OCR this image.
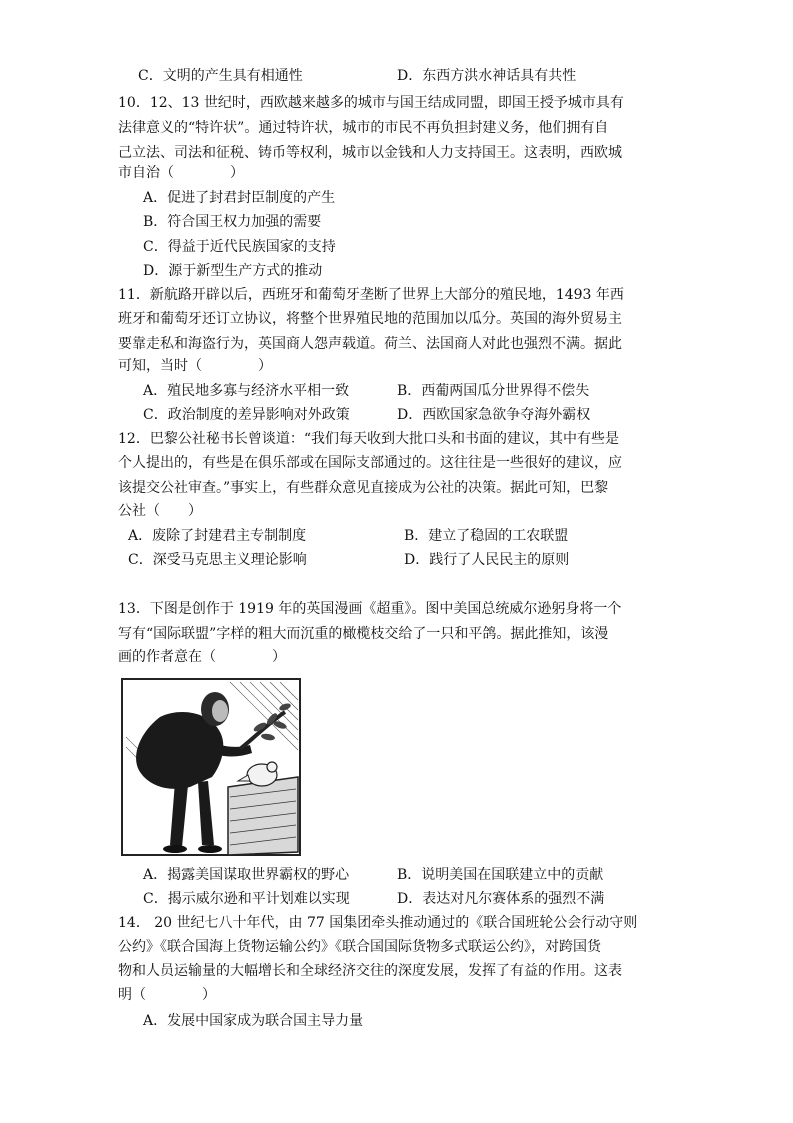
C．文明的产生具有相通性	D．东西方洪水神话具有共性
10．12、13 世纪时，西欧越来越多的城市与国王结成同盟，即国王授予城市具有
法律意义的“特许状”。通过特许状，城市的市民不再负担封建义务，他们拥有自
己立法、司法和征税、铸币等权利，城市以金钱和人力支持国王。这表明，西欧城
市自治（　　　　）
A．促进了封君封臣制度的产生
B．符合国王权力加强的需要
C．得益于近代民族国家的支持
D．源于新型生产方式的推动
11．新航路开辟以后，西班牙和葡萄牙垄断了世界上大部分的殖民地，1493 年西
班牙和葡萄牙还订立协议，将整个世界殖民地的范围加以瓜分。英国的海外贸易主
要靠走私和海盗行为，英国商人怨声载道。荷兰、法国商人对此也强烈不满。据此
可知，当时（　　　　）
A．殖民地多寡与经济水平相一致	B．西葡两国瓜分世界得不偿失
C．政治制度的差异影响对外政策	D．西欧国家急欲争夺海外霸权
12．巴黎公社秘书长曾谈道：“我们每天收到大批口头和书面的建议，其中有些是
个人提出的，有些是在俱乐部或在国际支部通过的。这往往是一些很好的建议，应
该提交公社审查。”事实上，有些群众意见直接成为公社的决策。据此可知，巴黎
公社（　　）
A．废除了封建君主专制制度	B．建立了稳固的工农联盟
C．深受马克思主义理论影响	D．践行了人民民主的原则
13．下图是创作于 1919 年的英国漫画《超重》。图中美国总统威尔逊躬身将一个
写有“国际联盟”字样的粗大而沉重的橄榄枝交给了一只和平鸽。据此推知，该漫
画的作者意在（　　　　）
A．揭露美国谋取世界霸权的野心	B．说明美国在国联建立中的贡献
C．揭示威尔逊和平计划难以实现	D．表达对凡尔赛体系的强烈不满
14． 20 世纪七八十年代，由 77 国集团牵头推动通过的《联合国班轮公会行动守则
公约》《联合国海上货物运输公约》《联合国国际货物多式联运公约》，对跨国货
物和人员运输量的大幅增长和全球经济交往的深度发展，发挥了有益的作用。这表
明（　　　　）
A．发展中国家成为联合国主导力量
